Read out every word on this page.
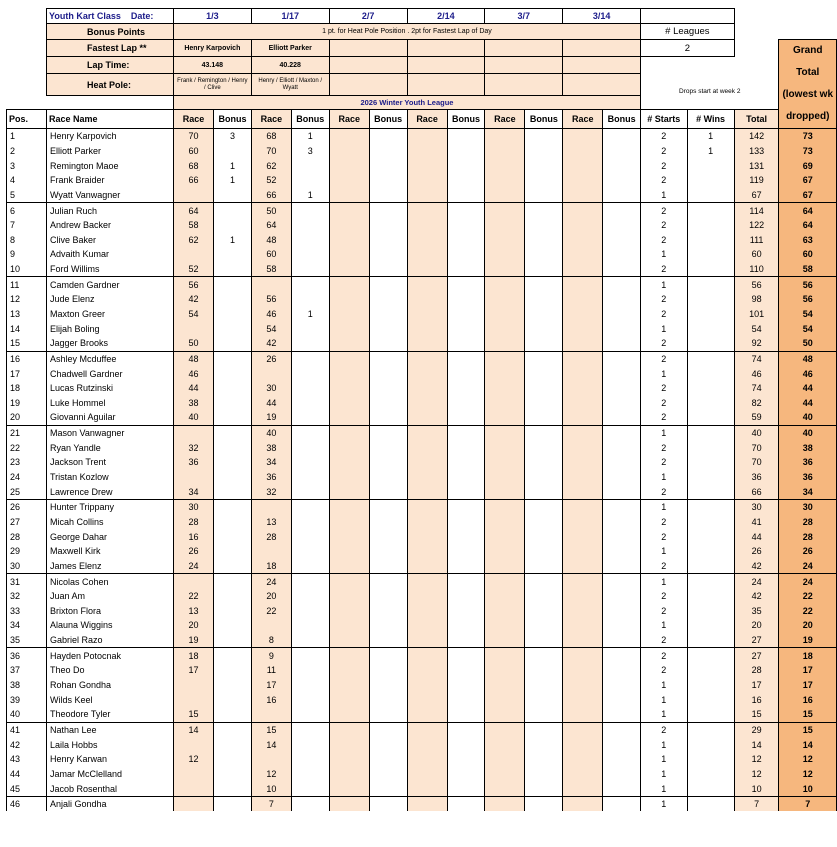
	Youth Kart Class Date:	1/3		1/17		2/7		2/14		3/7		3/14					
	Bonus Points	1 pt. for Heat Pole Position . 2pt for Fastest Lap of Day												# Leagues			
	Fastest Lap **	Henry Karpovich		Elliott Parker										2			Grand Total (lowest wk dropped)
	Lap Time:	43.148		40.228													
	Heat Pole:	Frank / Remington / Henry / Clive		Henry / Elliott / Maxton / Wyatt										Drops start at week 2			
		2026 Winter Youth League															
Pos.	Race Name	Race	Bonus	Race	Bonus	Race	Bonus	Race	Bonus	Race	Bonus	Race	Bonus	# Starts	# Wins	Total	
1	Henry Karpovich	70	3	68	1									2	1	142	73
2	Elliott Parker	60		70	3									2	1	133	73
3	Remington Maoe	68	1	62										2		131	69
4	Frank Braider	66	1	52										2		119	67
5	Wyatt Vanwagner			66	1									1		67	67
6	Julian Ruch	64		50										2		114	64
7	Andrew Backer	58		64										2		122	64
8	Clive Baker	62	1	48										2		111	63
9	Advaith Kumar			60										1		60	60
10	Ford Willims	52		58										2		110	58
11	Camden Gardner	56												1		56	56
12	Jude Elenz	42		56										2		98	56
13	Maxton Greer	54		46	1									2		101	54
14	Elijah Boling			54										1		54	54
15	Jagger Brooks	50		42										2		92	50
16	Ashley Mcduffee	48		26										2		74	48
17	Chadwell Gardner	46												1		46	46
18	Lucas Rutzinski	44		30										2		74	44
19	Luke Hommel	38		44										2		82	44
20	Giovanni Aguilar	40		19										2		59	40
21	Mason Vanwagner			40										1		40	40
22	Ryan Yandle	32		38										2		70	38
23	Jackson Trent	36		34										2		70	36
24	Tristan Kozlow			36										1		36	36
25	Lawrence Drew	34		32										2		66	34
26	Hunter Trippany	30												1		30	30
27	Micah Collins	28		13										2		41	28
28	George Dahar	16		28										2		44	28
29	Maxwell Kirk	26												1		26	26
30	James Elenz	24		18										2		42	24
31	Nicolas Cohen			24										1		24	24
32	Juan Am	22		20										2		42	22
33	Brixton Flora	13		22										2		35	22
34	Alauna Wiggins	20												1		20	20
35	Gabriel Razo	19		8										2		27	19
36	Hayden Potocnak	18		9										2		27	18
37	Theo Do	17		11										2		28	17
38	Rohan Gondha			17										1		17	17
39	Wilds Keel			16										1		16	16
40	Theodore Tyler	15												1		15	15
41	Nathan Lee	14		15										2		29	15
42	Laila Hobbs			14										1		14	14
43	Henry Karwan	12												1		12	12
44	Jamar McClelland			12										1		12	12
45	Jacob Rosenthal			10										1		10	10
46	Anjali Gondha			7										1		7	7
